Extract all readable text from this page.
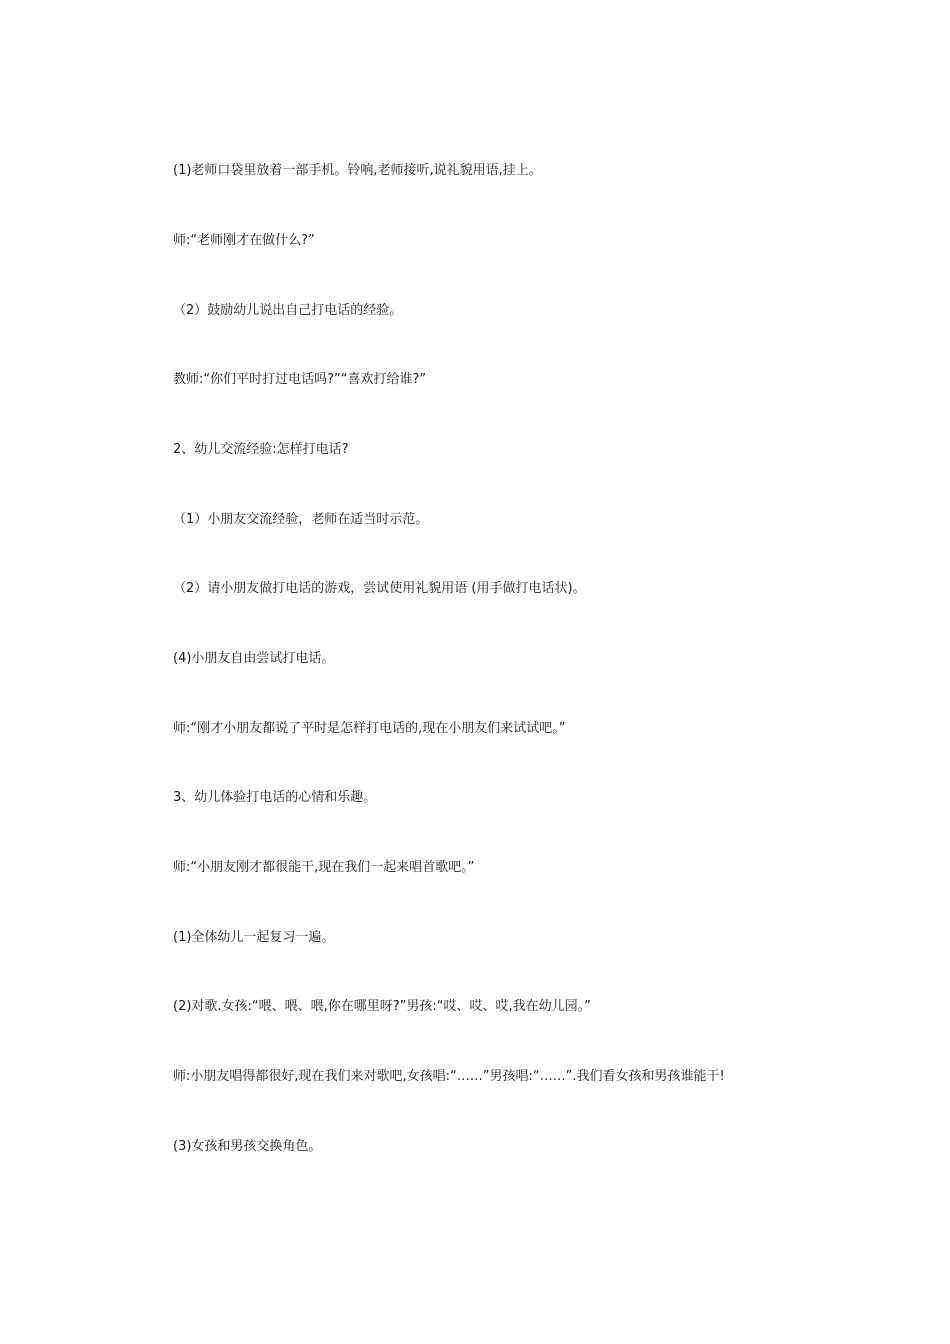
(1)老师口袋里放着一部手机。铃响,老师接听,说礼貌用语,挂上。

师:“老师刚才在做什么?”

（2）鼓励幼儿说出自己打电话的经验。

教师:“你们平时打过电话吗?”“喜欢打给谁?”

2、幼儿交流经验:怎样打电话?

（1）小朋友交流经验，老师在适当时示范。

（2）请小朋友做打电话的游戏，尝试使用礼貌用语 (用手做打电话状)。

(4)小朋友自由尝试打电话。

师:“刚才小朋友都说了平时是怎样打电话的,现在小朋友们来试试吧。”

3、幼儿体验打电话的心情和乐趣。

师:“小朋友刚才都很能干,现在我们一起来唱首歌吧。”

(1)全体幼儿一起复习一遍。

(2)对歌.女孩:“喂、喂、喂,你在哪里呀?”男孩:“哎、哎、哎,我在幼儿园。”

师:小朋友唱得都很好,现在我们来对歌吧,女孩唱:“……”男孩唱:“……”.我们看女孩和男孩谁能干!

(3)女孩和男孩交换角色。
